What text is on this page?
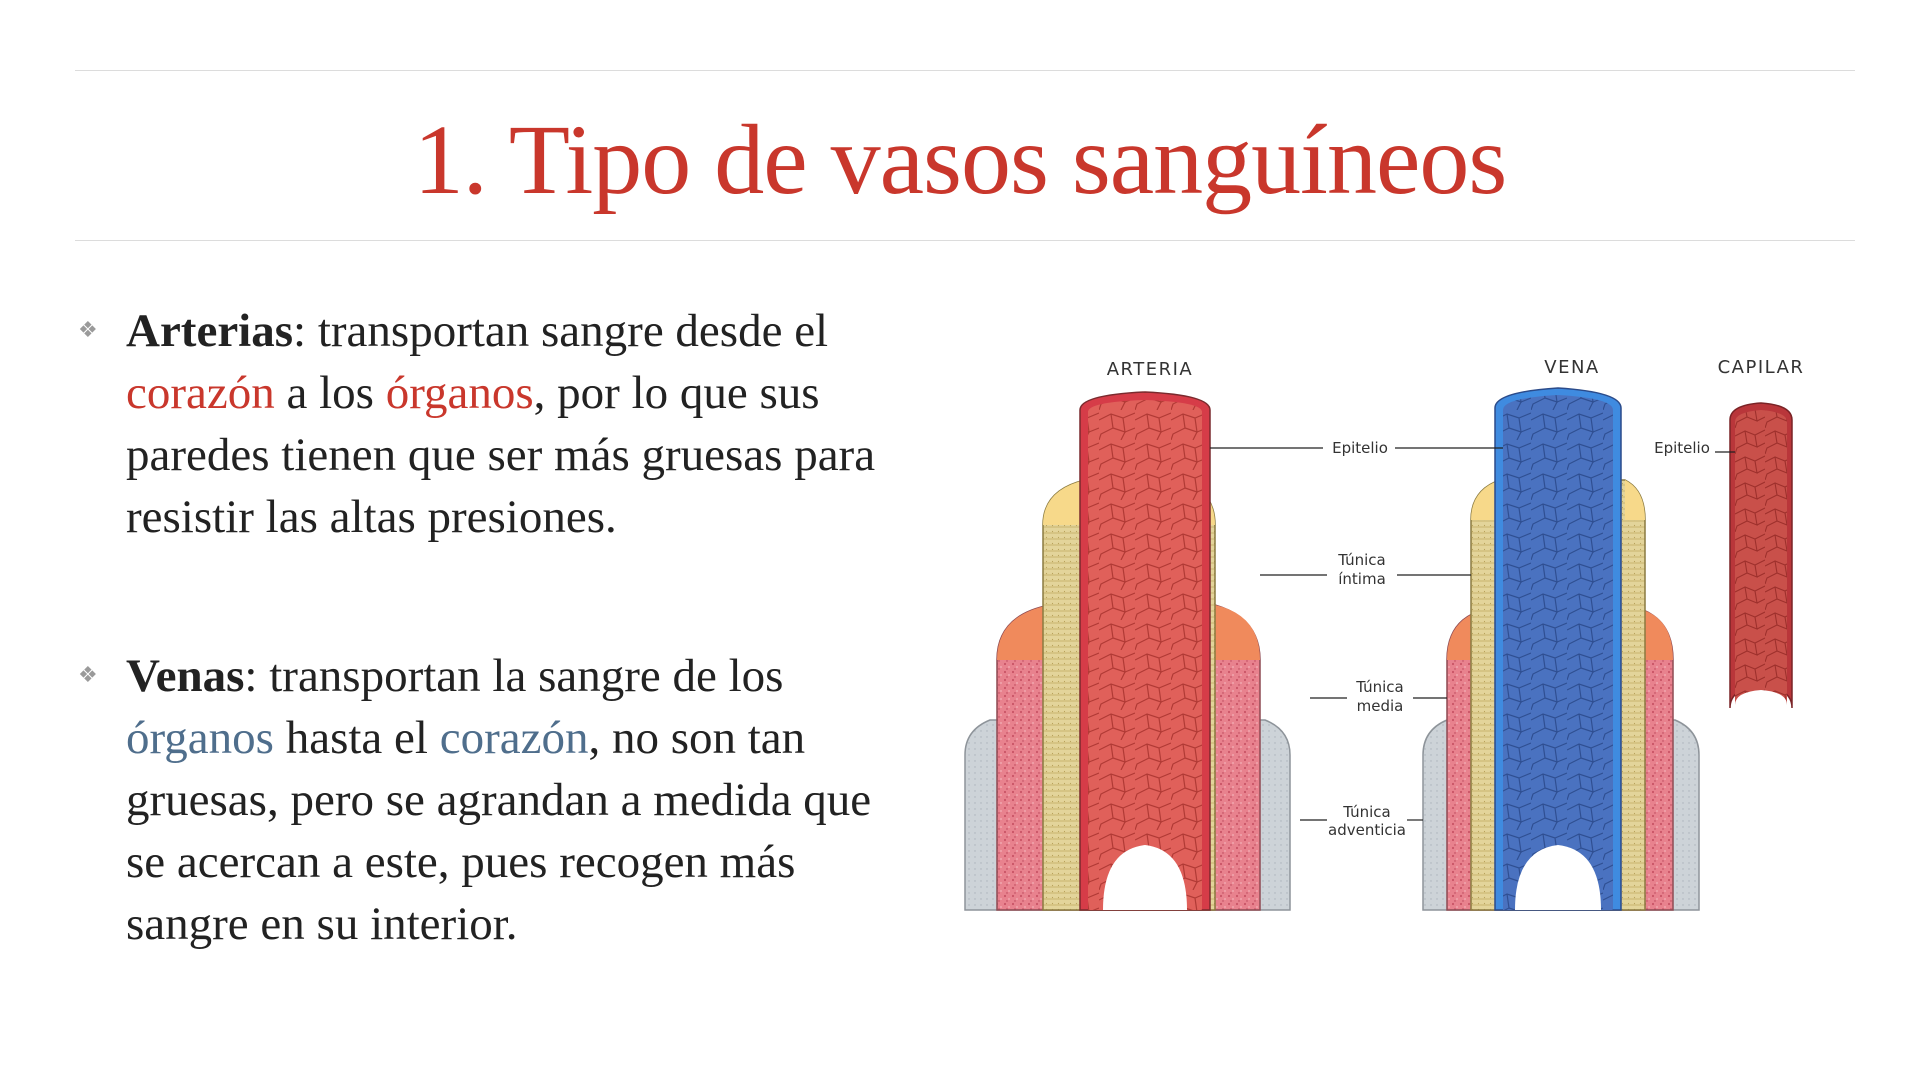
1. Tipo de vasos sanguíneos
❖ Arterias: transportan sangre desde el corazón a los órganos, por lo que sus paredes tienen que ser más gruesas para resistir las altas presiones.
❖ Venas: transportan la sangre de los órganos hasta el corazón, no son tan gruesas, pero se agrandan a medida que se acercan a este, pues recogen más sangre en su interior.
ARTERIA	VENA	CAPILAR
Epitelio
Túnica
íntima
Túnica
media
Túnica
adventicia
Epitelio
